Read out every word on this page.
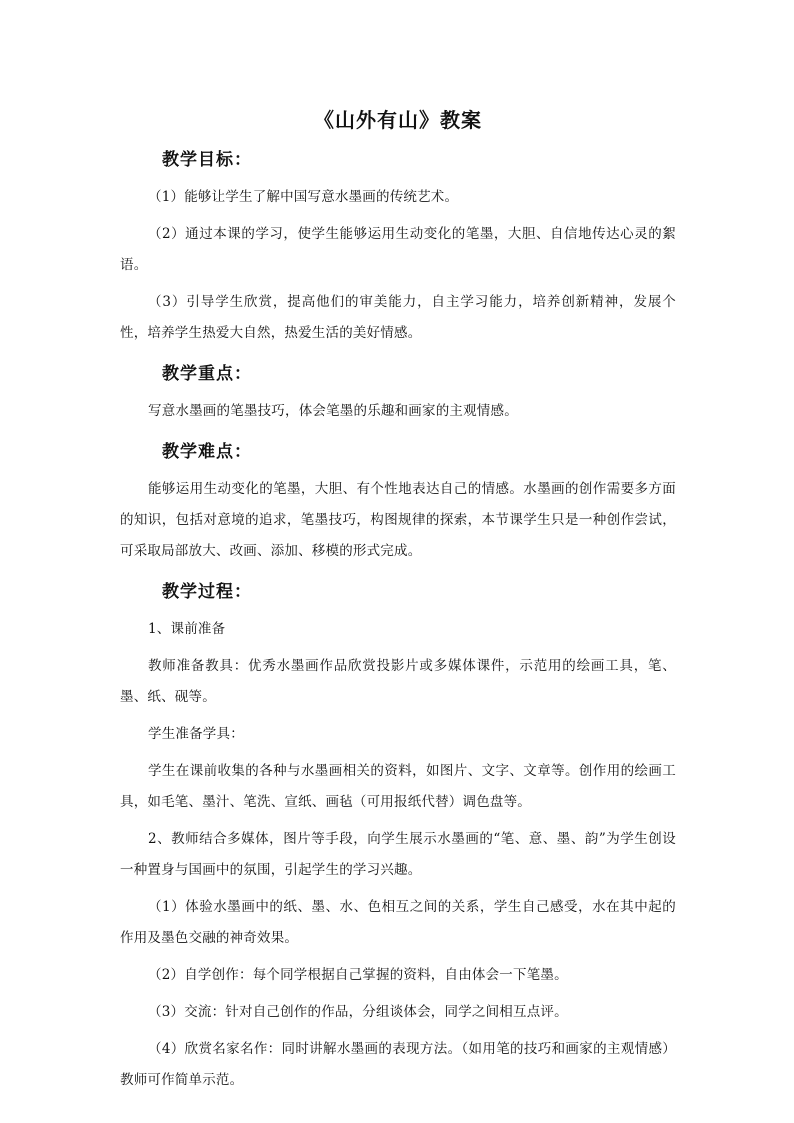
《山外有山》教案
教学目标：

（1）能够让学生了解中国写意水墨画的传统艺术。

（2）通过本课的学习，使学生能够运用生动变化的笔墨，大胆、自信地传达心灵的絮语。

（3）引导学生欣赏，提高他们的审美能力，自主学习能力，培养创新精神，发展个性，培养学生热爱大自然，热爱生活的美好情感。

教学重点：

写意水墨画的笔墨技巧，体会笔墨的乐趣和画家的主观情感。

教学难点：

能够运用生动变化的笔墨，大胆、有个性地表达自己的情感。水墨画的创作需要多方面的知识，包括对意境的追求，笔墨技巧，构图规律的探索，本节课学生只是一种创作尝试，可采取局部放大、改画、添加、移模的形式完成。

教学过程：

1、课前准备

教师准备教具：优秀水墨画作品欣赏投影片或多媒体课件，示范用的绘画工具，笔、墨、纸、砚等。

学生准备学具：

学生在课前收集的各种与水墨画相关的资料，如图片、文字、文章等。创作用的绘画工具，如毛笔、墨汁、笔洗、宣纸、画毡（可用报纸代替）调色盘等。

2、教师结合多媒体，图片等手段，向学生展示水墨画的“笔、意、墨、韵”为学生创设一种置身与国画中的氛围，引起学生的学习兴趣。

（1）体验水墨画中的纸、墨、水、色相互之间的关系，学生自己感受，水在其中起的作用及墨色交融的神奇效果。

（2）自学创作：每个同学根据自己掌握的资料，自由体会一下笔墨。

（3）交流：针对自己创作的作品，分组谈体会，同学之间相互点评。

（4）欣赏名家名作：同时讲解水墨画的表现方法。（如用笔的技巧和画家的主观情感）教师可作简单示范。
